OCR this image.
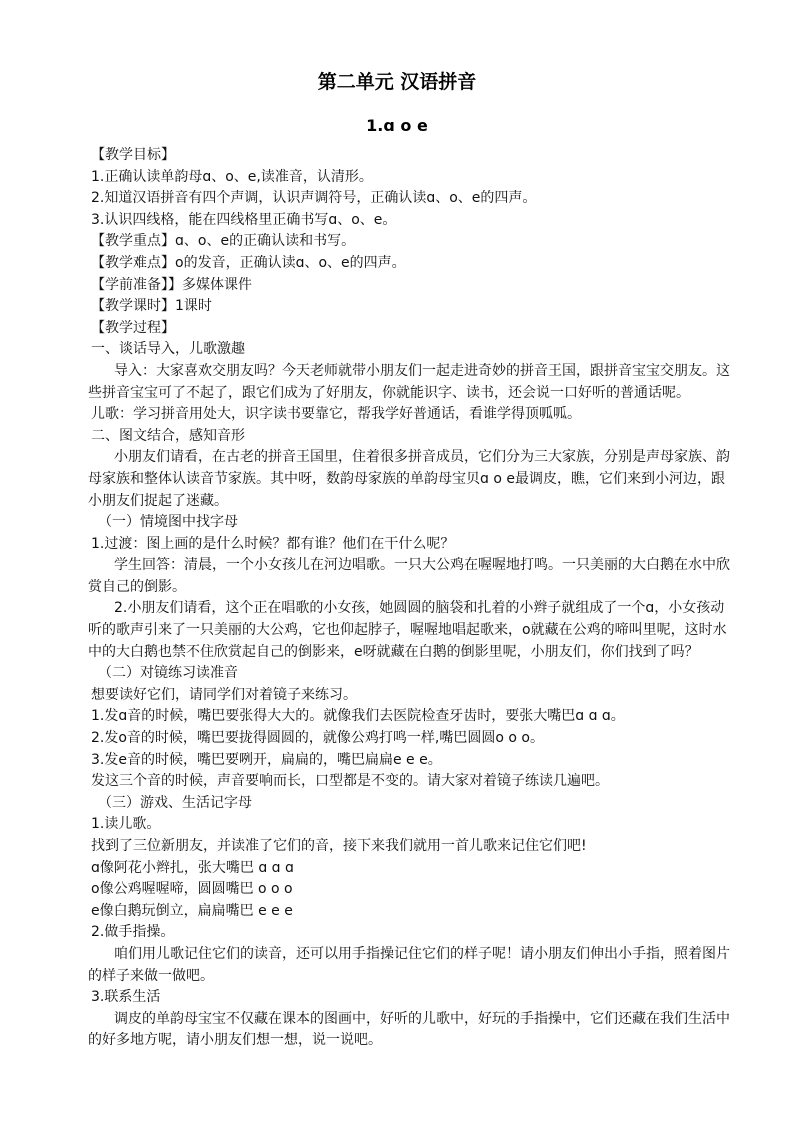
第二单元 汉语拼音
1.ɑ o e

【教学目标】

1.正确认读单韵母ɑ、o、e,读准音，认清形。

2.知道汉语拼音有四个声调，认识声调符号，正确认读ɑ、o、e的四声。

3.认识四线格，能在四线格里正确书写ɑ、o、e。

【教学重点】ɑ、o、e的正确认读和书写。

【教学难点】o的发音，正确认读ɑ、o、e的四声。

【学前准备】】多媒体课件

【教学课时】1课时

【教学过程】

一、谈话导入，儿歌激趣

导入：大家喜欢交朋友吗？今天老师就带小朋友们一起走进奇妙的拼音王国，跟拼音宝宝交朋友。这些拼音宝宝可了不起了，跟它们成为了好朋友，你就能识字、读书，还会说一口好听的普通话呢。

儿歌：学习拼音用处大，识字读书要靠它，帮我学好普通话，看谁学得顶呱呱。

二、图文结合，感知音形

小朋友们请看，在古老的拼音王国里，住着很多拼音成员，它们分为三大家族，分别是声母家族、韵母家族和整体认读音节家族。其中呀，数韵母家族的单韵母宝贝ɑ o e最调皮，瞧，它们来到小河边，跟小朋友们捉起了迷藏。

　（一）情境图中找字母

1.过渡：图上画的是什么时候？都有谁？他们在干什么呢？

学生回答：清晨，一个小女孩儿在河边唱歌。一只大公鸡在喔喔地打鸣。一只美丽的大白鹅在水中欣赏自己的倒影。

2.小朋友们请看，这个正在唱歌的小女孩，她圆圆的脑袋和扎着的小辫子就组成了一个ɑ，小女孩动听的歌声引来了一只美丽的大公鸡，它也仰起脖子，喔喔地唱起歌来，o就藏在公鸡的啼叫里呢，这时水中的大白鹅也禁不住欣赏起自己的倒影来，e呀就藏在白鹅的倒影里呢，小朋友们，你们找到了吗？

　（二）对镜练习读准音

想要读好它们，请同学们对着镜子来练习。

1.发ɑ音的时候，嘴巴要张得大大的。就像我们去医院检查牙齿时，要张大嘴巴ɑ ɑ ɑ。

2.发o音的时候，嘴巴要拢得圆圆的，就像公鸡打鸣一样,嘴巴圆圆o o o。

3.发e音的时候，嘴巴要咧开，扁扁的，嘴巴扁扁e e e。

发这三个音的时候，声音要响而长，口型都是不变的。请大家对着镜子练读几遍吧。

　（三）游戏、生活记字母

1.读儿歌。

找到了三位新朋友，并读准了它们的音，接下来我们就用一首儿歌来记住它们吧!

ɑ像阿花小辫扎，张大嘴巴 ɑ ɑ ɑ

o像公鸡喔喔啼，圆圆嘴巴 o o o

e像白鹅玩倒立，扁扁嘴巴 e e e

2.做手指操。

咱们用儿歌记住它们的读音，还可以用手指操记住它们的样子呢！请小朋友们伸出小手指，照着图片的样子来做一做吧。

3.联系生活

调皮的单韵母宝宝不仅藏在课本的图画中，好听的儿歌中，好玩的手指操中，它们还藏在我们生活中的好多地方呢，请小朋友们想一想，说一说吧。
